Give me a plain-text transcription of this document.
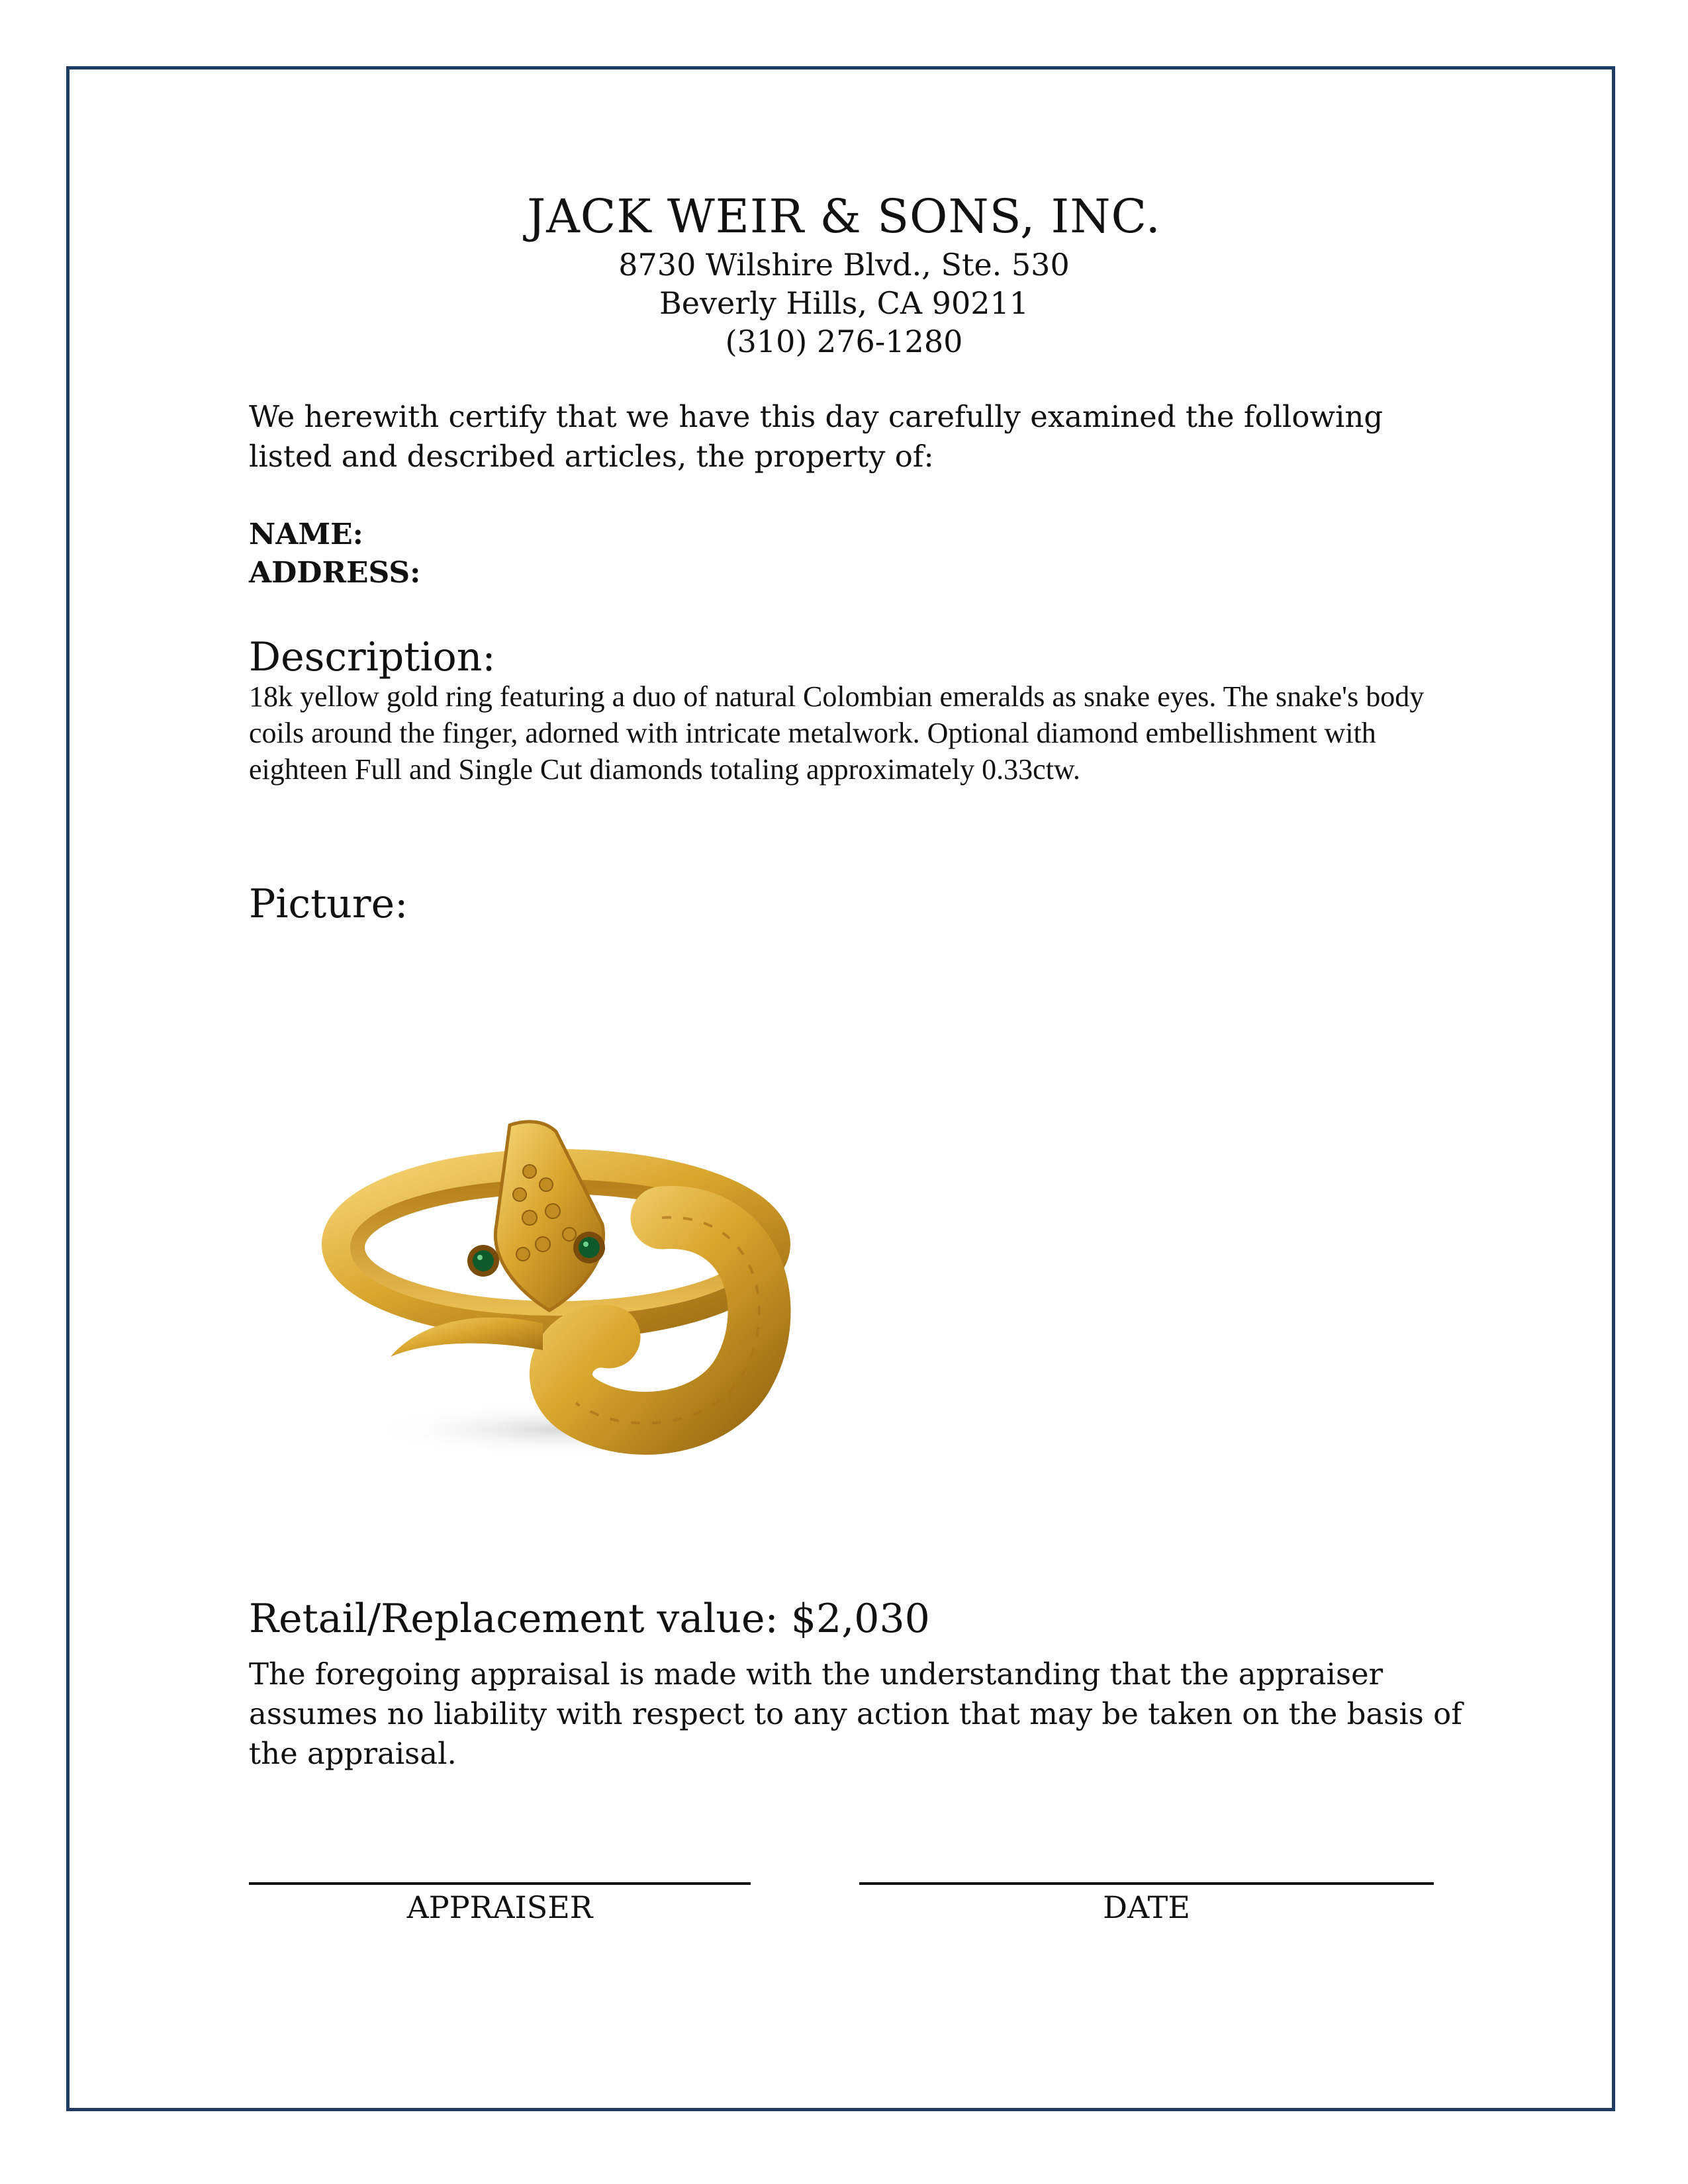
JACK WEIR & SONS, INC.
8730 Wilshire Blvd., Ste. 530
Beverly Hills, CA 90211
(310) 276-1280
We herewith certify that we have this day carefully examined the following listed and described articles, the property of:
NAME:
ADDRESS:
Description:
18k yellow gold ring featuring a duo of natural Colombian emeralds as snake eyes. The snake's body coils around the finger, adorned with intricate metalwork. Optional diamond embellishment with eighteen Full and Single Cut diamonds totaling approximately 0.33ctw.
Picture:
Retail/Replacement value: $2,030
The foregoing appraisal is made with the understanding that the appraiser assumes no liability with respect to any action that may be taken on the basis of the appraisal.
APPRAISER	DATE
